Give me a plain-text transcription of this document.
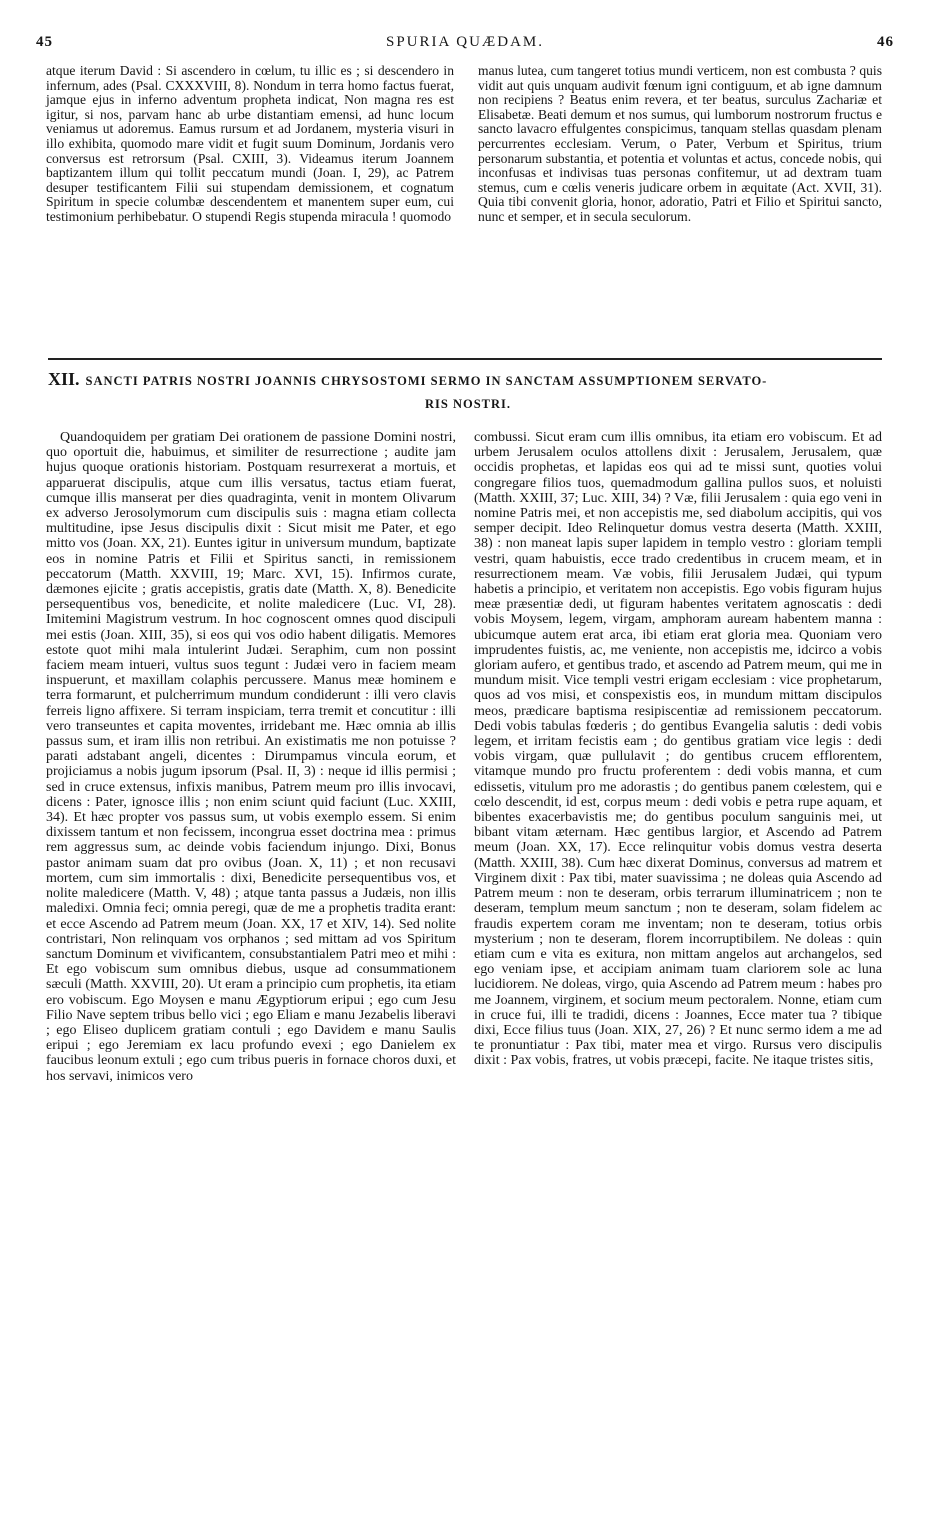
45	SPURIA QUÆDAM.	46

atque iterum David : Si ascendero in cœlum, tu illic es ; si descendero in infernum, ades (Psal. CXXXVIII, 8). Nondum in terra homo factus fuerat, jamque ejus in inferno adventum propheta indicat, Non magna res est igitur, si nos, parvam hanc ab urbe distantiam emensi, ad hunc locum veniamus ut adoremus. Eamus rursum et ad Jordanem, mysteria visuri in illo exhibita, quomodo mare vidit et fugit suum Dominum, Jordanis vero conversus est retrorsum (Psal. CXIII, 3). Videamus iterum Joannem baptizantem illum qui tollit peccatum mundi (Joan. I, 29), ac Patrem desuper testificantem Filii sui stupendam demissionem, et cognatum Spiritum in specie columbæ descendentem et manentem super eum, cui testimonium perhibebatur. O stupendi Regis stupenda miracula ! quomodo

manus lutea, cum tangeret totius mundi verticem, non est combusta ? quis vidit aut quis unquam audivit fœnum igni contiguum, et ab igne damnum non recipiens ? Beatus enim revera, et ter beatus, surculus Zachariæ et Elisabetæ. Beati demum et nos sumus, qui lumborum nostrorum fructus e sancto lavacro effulgentes conspicimus, tanquam stellas quasdam plenam percurrentes ecclesiam. Verum, o Pater, Verbum et Spiritus, trium personarum substantia, et potentia et voluntas et actus, concede nobis, qui inconfusas et indivisas tuas personas confitemur, ut ad dextram tuam stemus, cum e cœlis veneris judicare orbem in æquitate (Act. XVII, 31). Quia tibi convenit gloria, honor, adoratio, Patri et Filio et Spiritui sancto, nunc et semper, et in secula seculorum.

XII. SANCTI PATRIS NOSTRI JOANNIS CHRYSOSTOMI SERMO IN SANCTAM ASSUMPTIONEM SERVATO-
RIS NOSTRI.

Quandoquidem per gratiam Dei orationem de passione Domini nostri, quo oportuit die, habuimus, et similiter de resurrectione ; audite jam hujus quoque orationis historiam. Postquam resurrexerat a mortuis, et apparuerat discipulis, atque cum illis versatus, tactus etiam fuerat, cumque illis manserat per dies quadraginta, venit in montem Olivarum ex adverso Jerosolymorum cum discipulis suis : magna etiam collecta multitudine, ipse Jesus discipulis dixit : Sicut misit me Pater, et ego mitto vos (Joan. XX, 21). Euntes igitur in universum mundum, baptizate eos in nomine Patris et Filii et Spiritus sancti, in remissionem peccatorum (Matth. XXVIII, 19; Marc. XVI, 15). Infirmos curate, dæmones ejicite ; gratis accepistis, gratis date (Matth. X, 8). Benedicite persequentibus vos, benedicite, et nolite maledicere (Luc. VI, 28). Imitemini Magistrum vestrum. In hoc cognoscent omnes quod discipuli mei estis (Joan. XIII, 35), si eos qui vos odio habent diligatis. Memores estote quot mihi mala intulerint Judæi. Seraphim, cum non possint faciem meam intueri, vultus suos tegunt : Judæi vero in faciem meam inspuerunt, et maxillam colaphis percussere. Manus meæ hominem e terra formarunt, et pulcherrimum mundum condiderunt : illi vero clavis ferreis ligno affixere. Si terram inspiciam, terra tremit et concutitur : illi vero transeuntes et capita moventes, irridebant me. Hæc omnia ab illis passus sum, et iram illis non retribui. An existimatis me non potuisse ? parati adstabant angeli, dicentes : Dirumpamus vincula eorum, et projiciamus a nobis jugum ipsorum (Psal. II, 3) : neque id illis permisi ; sed in cruce extensus, infixis manibus, Patrem meum pro illis invocavi, dicens : Pater, ignosce illis ; non enim sciunt quid faciunt (Luc. XXIII, 34). Et hæc propter vos passus sum, ut vobis exemplo essem. Si enim dixissem tantum et non fecissem, incongrua esset doctrina mea : primus rem aggressus sum, ac deinde vobis faciendum injungo. Dixi, Bonus pastor animam suam dat pro ovibus (Joan. X, 11) ; et non recusavi mortem, cum sim immortalis : dixi, Benedicite persequentibus vos, et nolite maledicere (Matth. V, 48) ; atque tanta passus a Judæis, non illis maledixi. Omnia feci; omnia peregi, quæ de me a prophetis tradita erant: et ecce Ascendo ad Patrem meum (Joan. XX, 17 et XIV, 14). Sed nolite contristari, Non relinquam vos orphanos ; sed mittam ad vos Spiritum sanctum Dominum et vivificantem, consubstantialem Patri meo et mihi : Et ego vobiscum sum omnibus diebus, usque ad consummationem sæculi (Matth. XXVIII, 20). Ut eram a principio cum prophetis, ita etiam ero vobiscum. Ego Moysen e manu Ægyptiorum eripui ; ego cum Jesu Filio Nave septem tribus bello vici ; ego Eliam e manu Jezabelis liberavi ; ego Eliseo duplicem gratiam contuli ; ego Davidem e manu Saulis eripui ; ego Jeremiam ex lacu profundo evexi ; ego Danielem ex faucibus leonum extuli ; ego cum tribus pueris in fornace choros duxi, et hos servavi, inimicos vero

combussi. Sicut eram cum illis omnibus, ita etiam ero vobiscum. Et ad urbem Jerusalem oculos attollens dixit : Jerusalem, Jerusalem, quæ occidis prophetas, et lapidas eos qui ad te missi sunt, quoties volui congregare filios tuos, quemadmodum gallina pullos suos, et noluisti (Matth. XXIII, 37; Luc. XIII, 34) ? Væ, filii Jerusalem : quia ego veni in nomine Patris mei, et non accepistis me, sed diabolum accipitis, qui vos semper decipit. Ideo Relinquetur domus vestra deserta (Matth. XXIII, 38) : non maneat lapis super lapidem in templo vestro : gloriam templi vestri, quam habuistis, ecce trado credentibus in crucem meam, et in resurrectionem meam. Væ vobis, filii Jerusalem Judæi, qui typum habetis a principio, et veritatem non accepistis. Ego vobis figuram hujus meæ præsentiæ dedi, ut figuram habentes veritatem agnoscatis : dedi vobis Moysem, legem, virgam, amphoram auream habentem manna : ubicumque autem erat arca, ibi etiam erat gloria mea. Quoniam vero imprudentes fuistis, ac, me veniente, non accepistis me, idcirco a vobis gloriam aufero, et gentibus trado, et ascendo ad Patrem meum, qui me in mundum misit. Vice templi vestri erigam ecclesiam : vice prophetarum, quos ad vos misi, et conspexistis eos, in mundum mittam discipulos meos, prædicare baptisma resipiscentiæ ad remissionem peccatorum. Dedi vobis tabulas fœderis ; do gentibus Evangelia salutis : dedi vobis legem, et irritam fecistis eam ; do gentibus gratiam vice legis : dedi vobis virgam, quæ pullulavit ; do gentibus crucem efflorentem, vitamque mundo pro fructu proferentem : dedi vobis manna, et cum edissetis, vitulum pro me adorastis ; do gentibus panem cœlestem, qui e cœlo descendit, id est, corpus meum : dedi vobis e petra rupe aquam, et bibentes exacerbavistis me; do gentibus poculum sanguinis mei, ut bibant vitam æternam. Hæc gentibus largior, et Ascendo ad Patrem meum (Joan. XX, 17). Ecce relinquitur vobis domus vestra deserta (Matth. XXIII, 38). Cum hæc dixerat Dominus, conversus ad matrem et Virginem dixit : Pax tibi, mater suavissima ; ne doleas quia Ascendo ad Patrem meum : non te deseram, orbis terrarum illuminatricem ; non te deseram, templum meum sanctum ; non te deseram, solam fidelem ac fraudis expertem coram me inventam; non te deseram, totius orbis mysterium ; non te deseram, florem incorruptibilem. Ne doleas : quin etiam cum e vita es exitura, non mittam angelos aut archangelos, sed ego veniam ipse, et accipiam animam tuam clariorem sole ac luna lucidiorem. Ne doleas, virgo, quia Ascendo ad Patrem meum : habes pro me Joannem, virginem, et socium meum pectoralem. Nonne, etiam cum in cruce fui, illi te tradidi, dicens : Joannes, Ecce mater tua ? tibique dixi, Ecce filius tuus (Joan. XIX, 27, 26) ? Et nunc sermo idem a me ad te pronuntiatur : Pax tibi, mater mea et virgo. Rursus vero discipulis dixit : Pax vobis, fratres, ut vobis præcepi, facite. Ne itaque tristes sitis,
